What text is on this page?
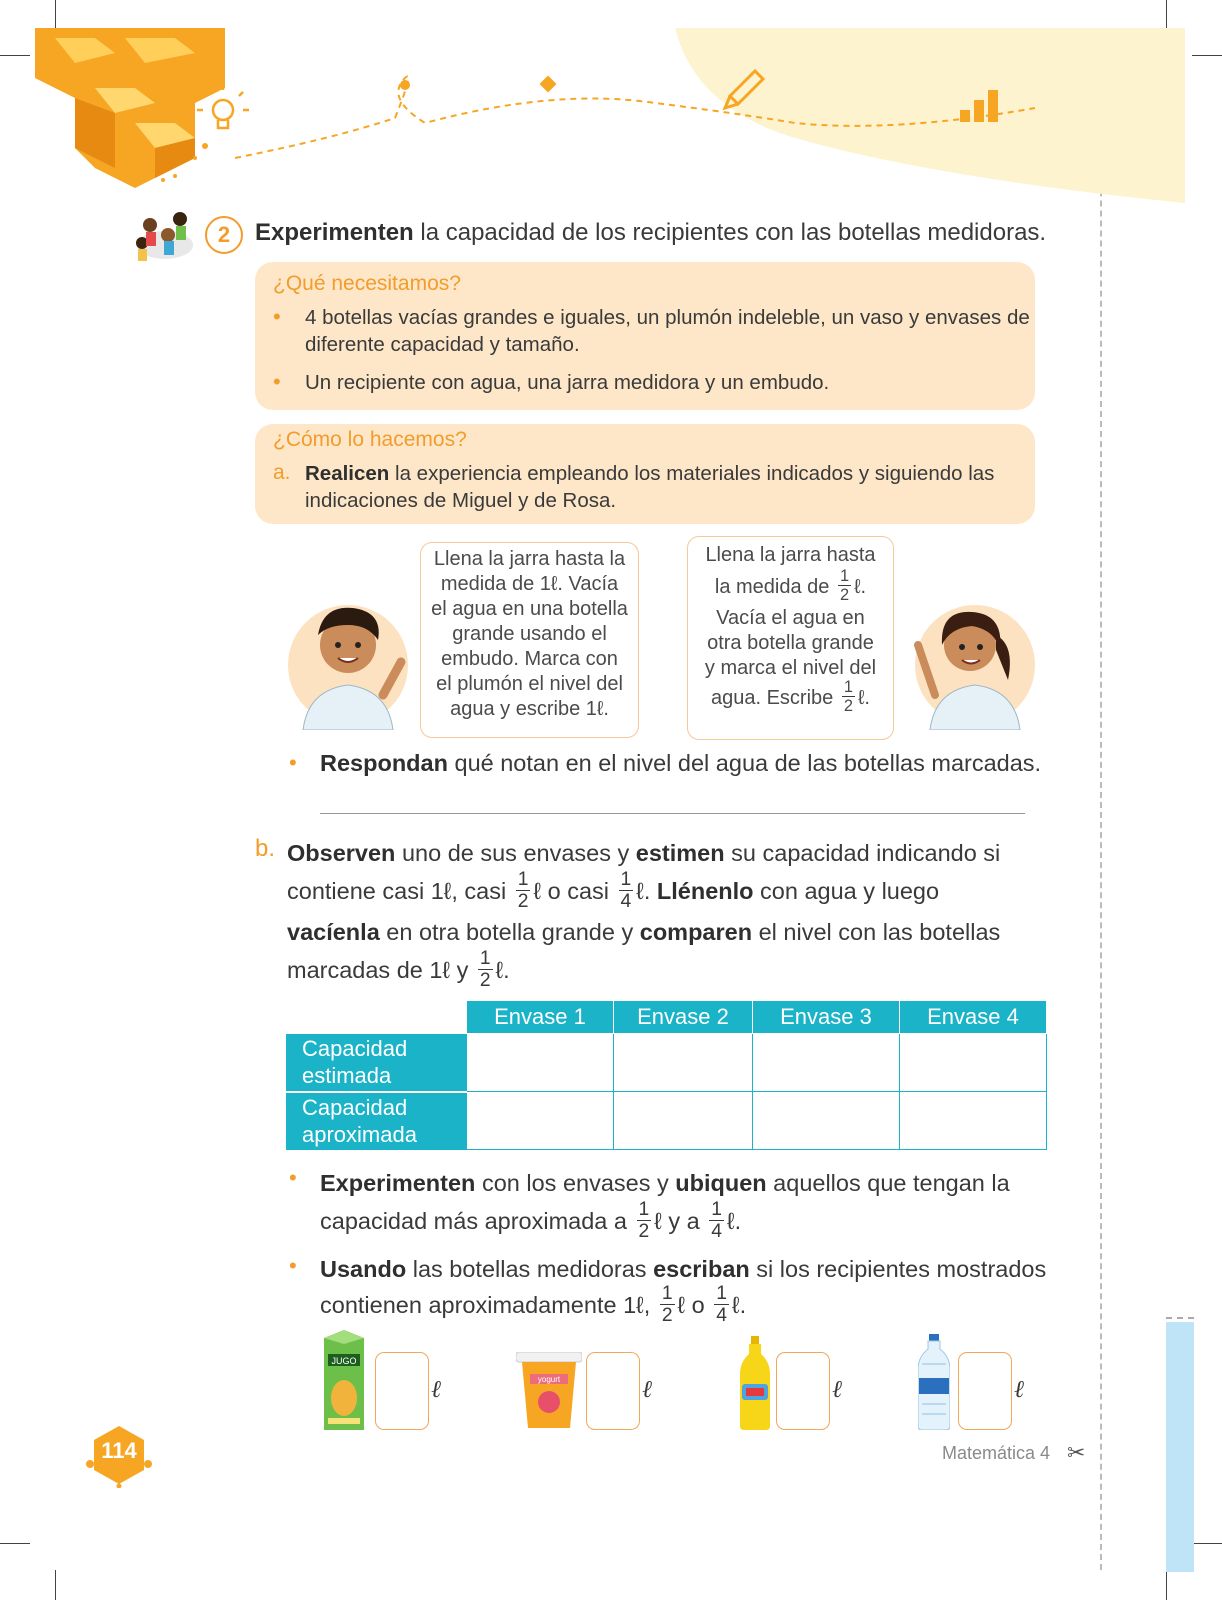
2	Experimenten la capacidad de los recipientes con las botellas medidoras.
¿Qué necesitamos?
• 4 botellas vacías grandes e iguales, un plumón indeleble, un vaso y envases de diferente capacidad y tamaño.
• Un recipiente con agua, una jarra medidora y un embudo.
¿Cómo lo hacemos?
a. Realicen la experiencia empleando los materiales indicados y siguiendo las indicaciones de Miguel y de Rosa.
Llena la jarra hasta la
medida de 1ℓ. Vacía
el agua en una botella
grande usando el
embudo. Marca con
el plumón el nivel del
agua y escribe 1ℓ.
Llena la jarra hasta
la medida de $\frac{1}{2}$ ℓ.
Vacía el agua en
otra botella grande
y marca el nivel del
agua. Escribe $\frac{1}{2}$ ℓ.
• Respondan qué notan en el nivel del agua de las botellas marcadas.
b. Observen uno de sus envases y estimen su capacidad indicando si
contiene casi 1ℓ, casi $\frac{1}{2}$ ℓ o casi $\frac{1}{4}$ ℓ. Llénenlo con agua y luego
vacíenla en otra botella grande y comparen el nivel con las botellas
marcadas de 1ℓ y $\frac{1}{2}$ ℓ.
	Envase 1	Envase 2	Envase 3	Envase 4

Capacidad
estimada				

Capacidad
aproximada				

• Experimenten con los envases y ubiquen aquellos que tengan la
capacidad más aproximada a $\frac{1}{2}$ ℓ y a $\frac{1}{4}$ ℓ.
• Usando las botellas medidoras escriban si los recipientes mostrados
contienen aproximadamente 1ℓ, $\frac{1}{2}$ ℓ o $\frac{1}{4}$ ℓ.
JUGO
ℓ	yogurt	ℓ	ℓ	ℓ
114	Matemática 4 ✂
